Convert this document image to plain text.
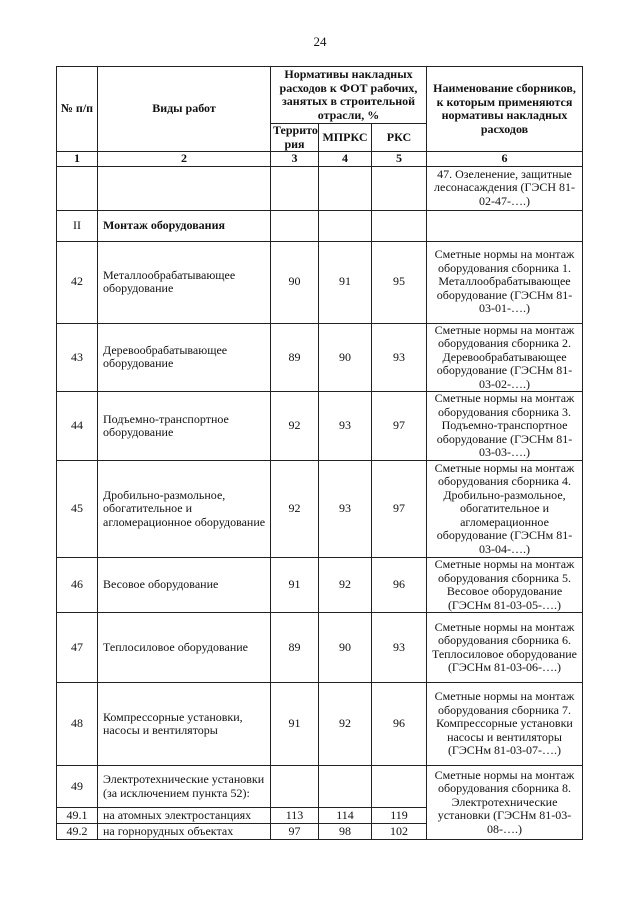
24
№ п/п	Виды работ	Нормативы накладных расходов к ФОТ рабочих, занятых в строительной отрасли, %			Наименование сборников, к которым применяются нормативы накладных расходов
		Террито рия	МПРКС	РКС	
1	2	3	4	5	6
					47. Озеленение, защитные лесонасаждения (ГЭСН 81-02-47-….)
II	Монтаж оборудования				
42	Металлообрабатывающее оборудование	90	91	95	Сметные нормы на монтаж оборудования сборника 1. Металлообрабатывающее оборудование (ГЭСНм 81-03-01-….)
43	Деревообрабатывающее оборудование	89	90	93	Сметные нормы на монтаж оборудования сборника 2. Деревообрабатывающее оборудование (ГЭСНм 81-03-02-….)
44	Подъемно-транспортное оборудование	92	93	97	Сметные нормы на монтаж оборудования сборника 3. Подъемно-транспортное оборудование (ГЭСНм 81-03-03-….)
45	Дробильно-размольное, обогатительное и агломерационное оборудование	92	93	97	Сметные нормы на монтаж оборудования сборника 4. Дробильно-размольное, обогатительное и агломерационное оборудование (ГЭСНм 81-03-04-….)
46	Весовое оборудование	91	92	96	Сметные нормы на монтаж оборудования сборника 5. Весовое оборудование (ГЭСНм 81-03-05-….)
47	Теплосиловое оборудование	89	90	93	Сметные нормы на монтаж оборудования сборника 6. Теплосиловое оборудование (ГЭСНм 81-03-06-….)
48	Компрессорные установки, насосы и вентиляторы	91	92	96	Сметные нормы на монтаж оборудования сборника 7. Компрессорные установки насосы и вентиляторы (ГЭСНм 81-03-07-….)
49	Электротехнические установки (за исключением пункта 52):				Сметные нормы на монтаж оборудования сборника 8. Электротехнические установки (ГЭСНм 81-03-08-….)
49.1	на атомных электростанциях	113	114	119	
49.2	на горнорудных объектах	97	98	102	
